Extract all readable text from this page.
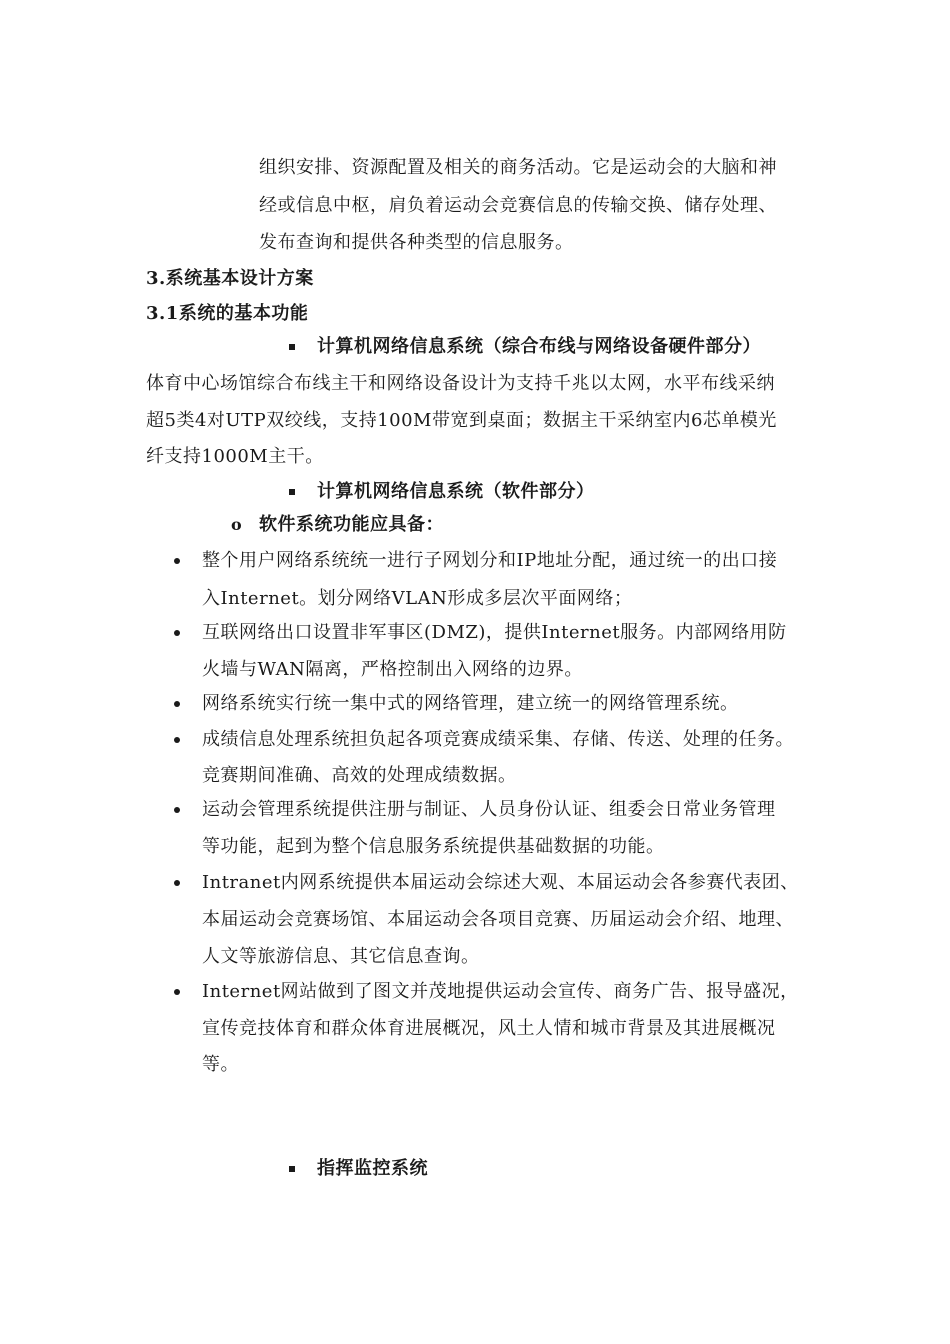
组织安排、资源配置及相关的商务活动。它是运动会的大脑和神
经或信息中枢，肩负着运动会竞赛信息的传输交换、储存处理、
发布查询和提供各种类型的信息服务。
3.系统基本设计方案
3.1系统的基本功能
计算机网络信息系统（综合布线与网络设备硬件部分）
体育中心场馆综合布线主干和网络设备设计为支持千兆以太网，水平布线采纳
超5类4对UTP双绞线，支持100M带宽到桌面；数据主干采纳室内6芯单模光
纤支持1000M主干。
计算机网络信息系统（软件部分）
o 软件系统功能应具备：
整个用户网络系统统一进行子网划分和IP地址分配，通过统一的出口接
入Internet。划分网络VLAN形成多层次平面网络；
互联网络出口设置非军事区(DMZ)，提供Internet服务。内部网络用防
火墙与WAN隔离，严格控制出入网络的边界。
网络系统实行统一集中式的网络管理，建立统一的网络管理系统。
成绩信息处理系统担负起各项竞赛成绩采集、存储、传送、处理的任务。
竞赛期间准确、高效的处理成绩数据。
运动会管理系统提供注册与制证、人员身份认证、组委会日常业务管理
等功能，起到为整个信息服务系统提供基础数据的功能。
Intranet内网系统提供本届运动会综述大观、本届运动会各参赛代表团、
本届运动会竞赛场馆、本届运动会各项目竞赛、历届运动会介绍、地理、
人文等旅游信息、其它信息查询。
Internet网站做到了图文并茂地提供运动会宣传、商务广告、报导盛况，
宣传竞技体育和群众体育进展概况，风土人情和城市背景及其进展概况
等。
指挥监控系统
